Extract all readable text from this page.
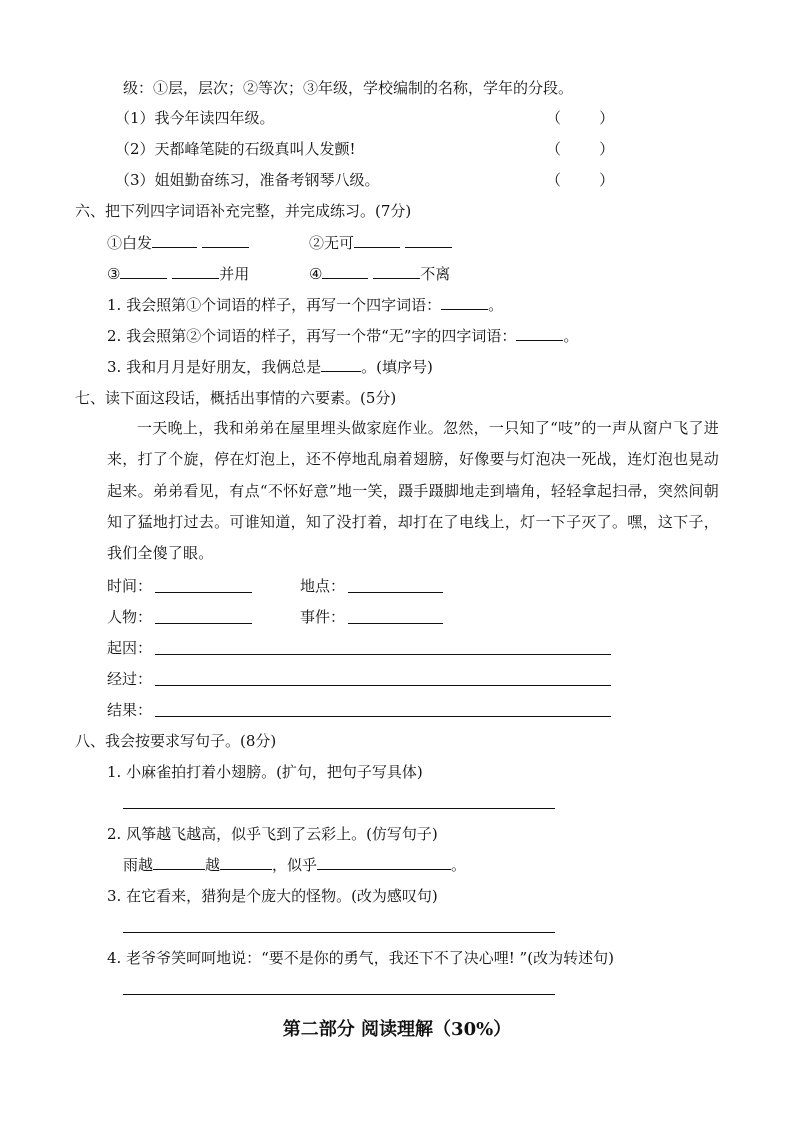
级：①层，层次；②等次；③年级，学校编制的名称，学年的分段。
（1）我今年读四年级。	（        ）
（2）天都峰笔陡的石级真叫人发颤!	（        ）
（3）姐姐勤奋练习，准备考钢琴八级。	（        ）
六、把下列四字词语补充完整，并完成练习。(7分)
①白发	②无可
③	并用	④	不离
1. 我会照第①个词语的样子，再写一个四字词语：	。
2. 我会照第②个词语的样子，再写一个带“无”字的四字词语：	。
3. 我和月月是好朋友，我俩总是	。(填序号)
七、读下面这段话，概括出事情的六要素。(5分)
一天晚上，我和弟弟在屋里埋头做家庭作业。忽然，一只知了“吱”的一声从窗户飞了进来，打了个旋，停在灯泡上，还不停地乱扇着翅膀，好像要与灯泡决一死战，连灯泡也晃动起来。弟弟看见，有点“不怀好意”地一笑，蹑手蹑脚地走到墙角，轻轻拿起扫帚，突然间朝知了猛地打过去。可谁知道，知了没打着，却打在了电线上，灯一下子灭了。嘿，这下子，我们全傻了眼。
时间：	地点：
人物：	事件：
起因：
经过：
结果：
八、我会按要求写句子。(8分)
1. 小麻雀拍打着小翅膀。(扩句，把句子写具体)
2. 风筝越飞越高，似乎飞到了云彩上。(仿写句子)
雨越	越	，似乎	。
3. 在它看来，猎狗是个庞大的怪物。(改为感叹句)
4. 老爷爷笑呵呵地说：“要不是你的勇气，我还下不了决心哩! ”(改为转述句)
第二部分 阅读理解（30%）
